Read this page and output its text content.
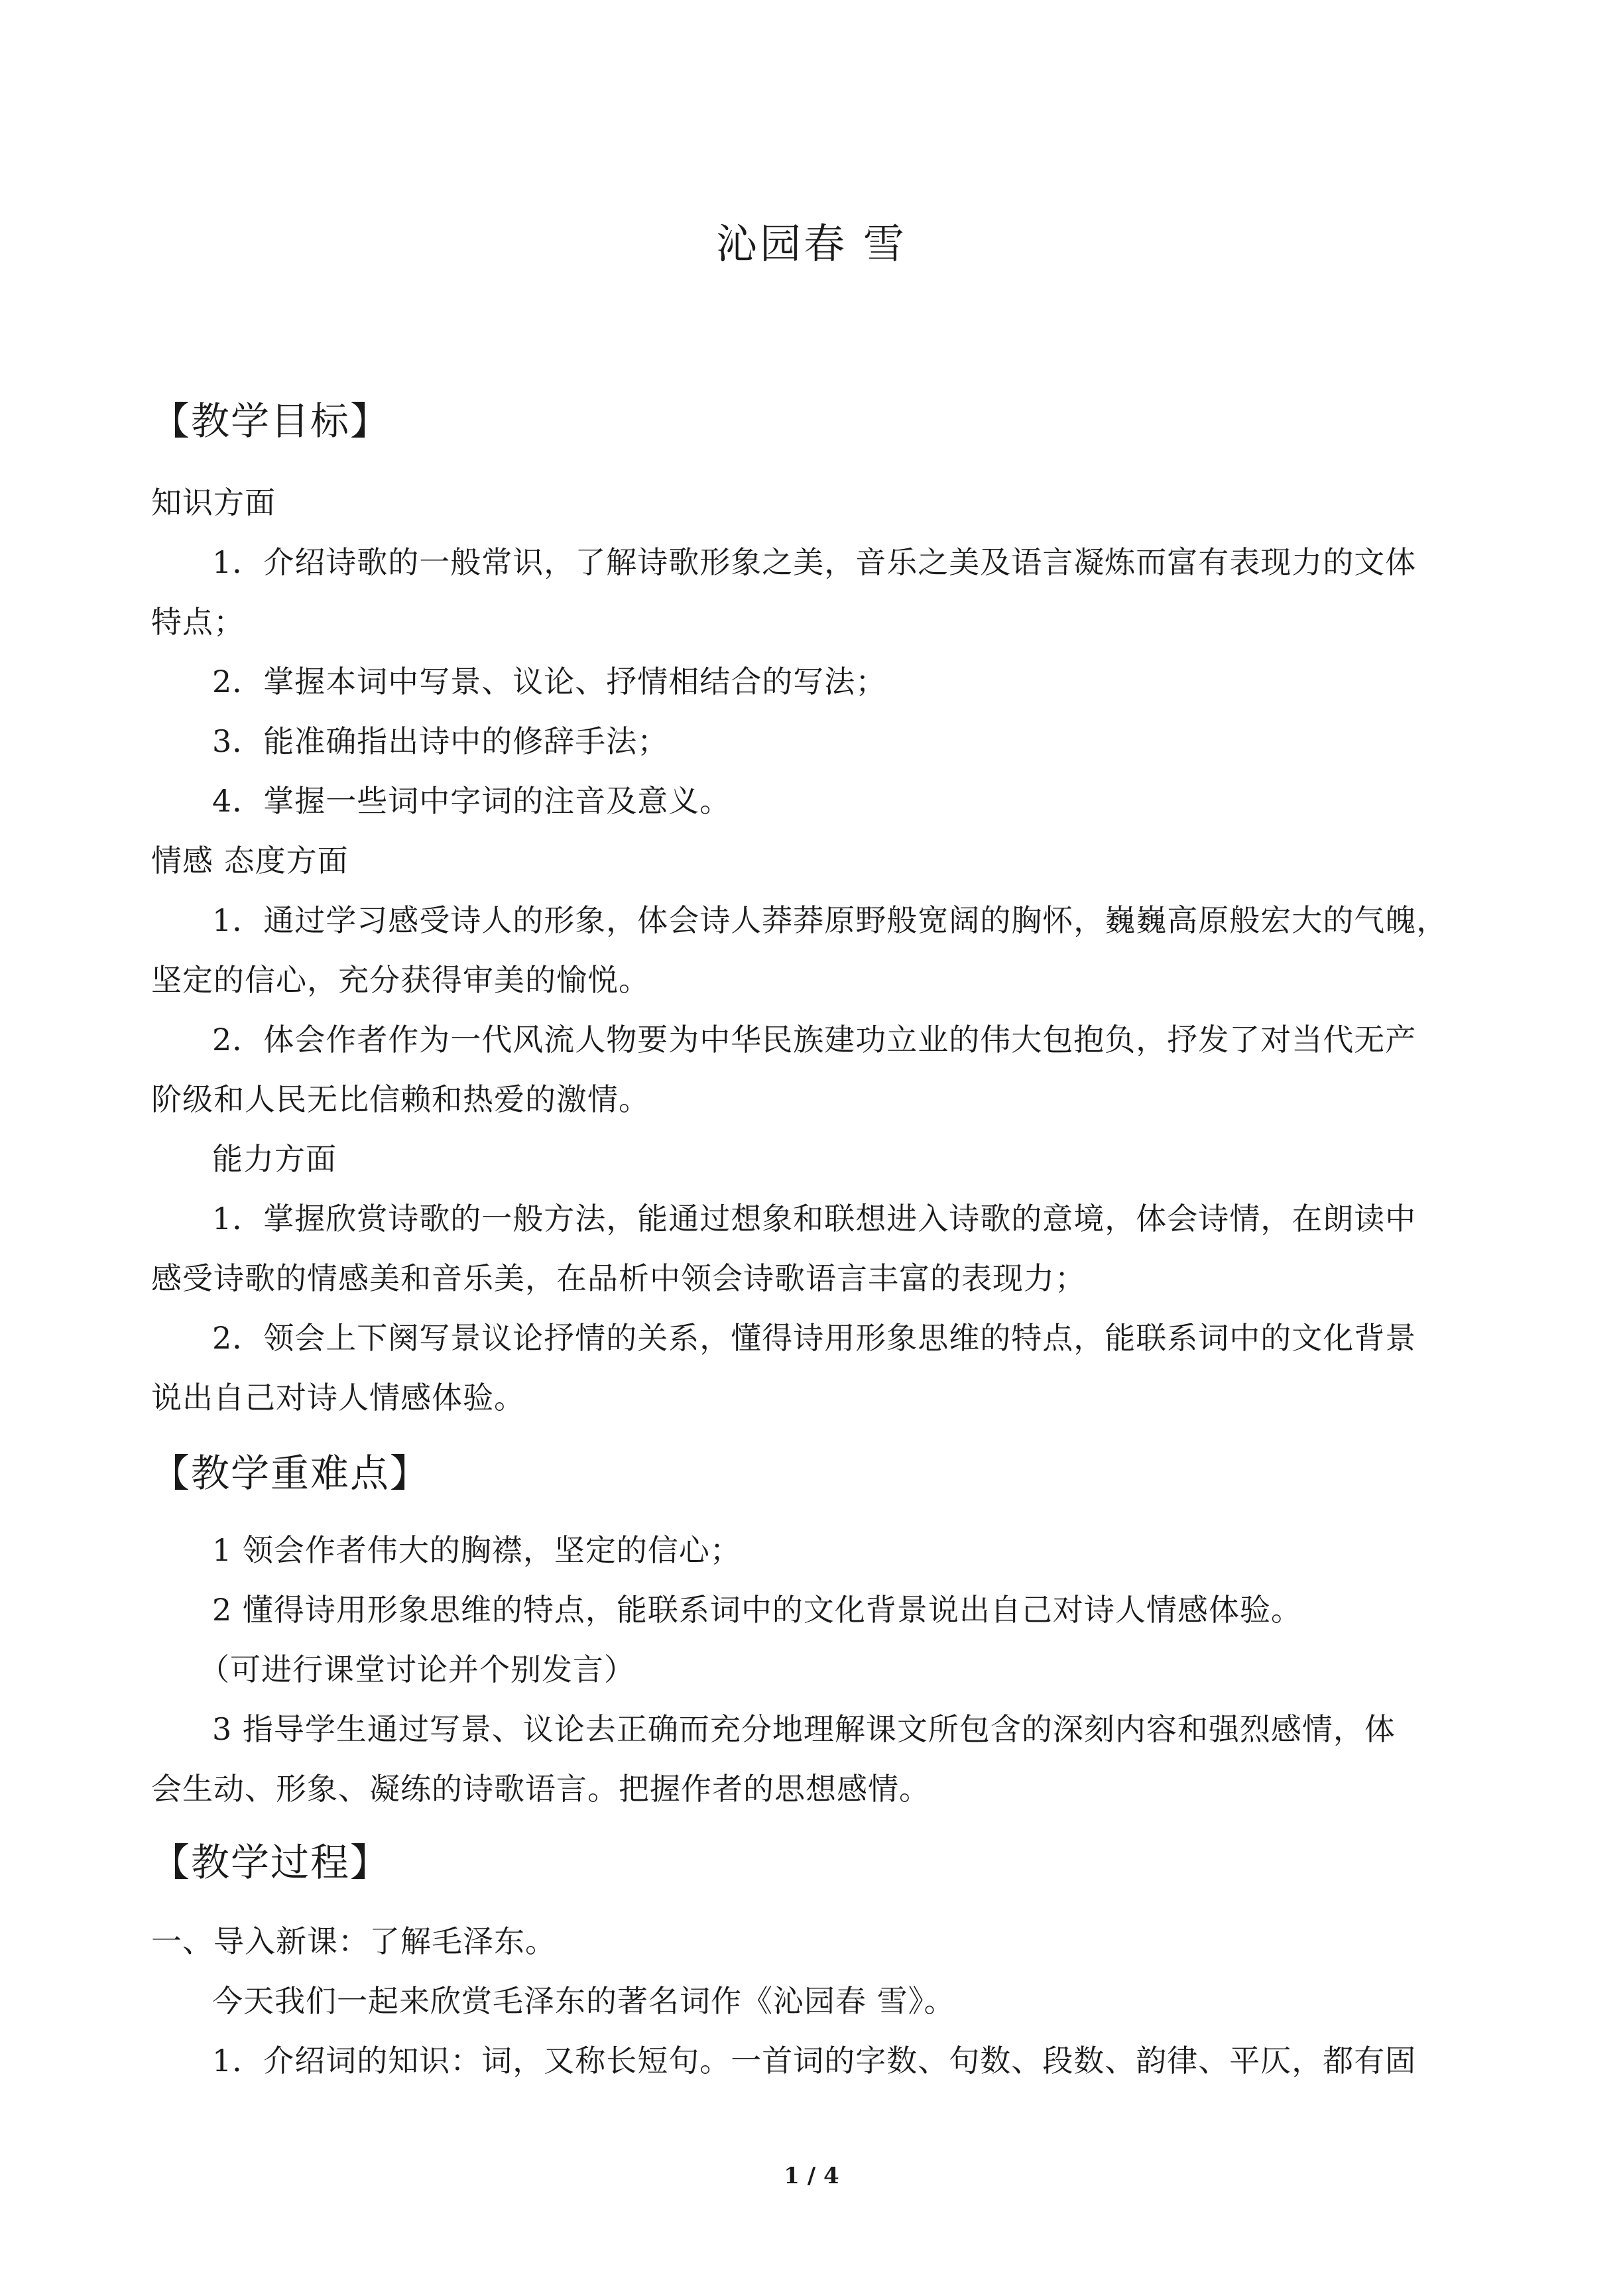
沁园春 雪
【教学目标】
知识方面
1．介绍诗歌的一般常识，了解诗歌形象之美，音乐之美及语言凝炼而富有表现力的文体
特点；
2．掌握本词中写景、议论、抒情相结合的写法；
3．能准确指出诗中的修辞手法；
4．掌握一些词中字词的注音及意义。
情感 态度方面
1．通过学习感受诗人的形象，体会诗人莽莽原野般宽阔的胸怀，巍巍高原般宏大的气魄，
坚定的信心，充分获得审美的愉悦。
2．体会作者作为一代风流人物要为中华民族建功立业的伟大包抱负，抒发了对当代无产
阶级和人民无比信赖和热爱的激情。
能力方面
1．掌握欣赏诗歌的一般方法，能通过想象和联想进入诗歌的意境，体会诗情，在朗读中
感受诗歌的情感美和音乐美，在品析中领会诗歌语言丰富的表现力；
2．领会上下阕写景议论抒情的关系，懂得诗用形象思维的特点，能联系词中的文化背景
说出自己对诗人情感体验。
【教学重难点】
1 领会作者伟大的胸襟，坚定的信心；
2 懂得诗用形象思维的特点，能联系词中的文化背景说出自己对诗人情感体验。
（可进行课堂讨论并个别发言）
3 指导学生通过写景、议论去正确而充分地理解课文所包含的深刻内容和强烈感情，体
会生动、形象、凝练的诗歌语言。把握作者的思想感情。
【教学过程】
一、导入新课：了解毛泽东。
今天我们一起来欣赏毛泽东的著名词作《沁园春 雪》。
1．介绍词的知识：词，又称长短句。一首词的字数、句数、段数、韵律、平仄，都有固
1 / 4
